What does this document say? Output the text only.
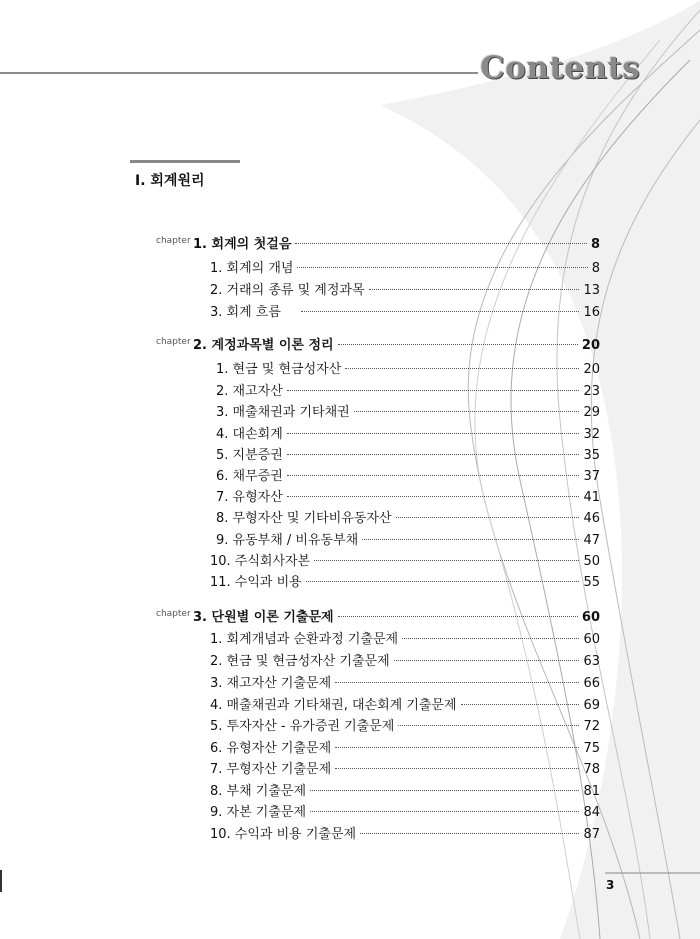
Contents
Ⅰ. 회계원리
chapter 1. 회계의 첫걸음	8
1. 회계의 개념	8
2. 거래의 종류 및 계정과목	13
3. 회계 흐름	16
chapter 2. 계정과목별 이론 정리	20
1. 현금 및 현금성자산	20
2. 재고자산	23
3. 매출채권과 기타채권	29
4. 대손회계	32
5. 지분증권	35
6. 채무증권	37
7. 유형자산	41
8. 무형자산 및 기타비유동자산	46
9. 유동부채 / 비유동부채	47
10. 주식회사자본	50
11. 수익과 비용	55
chapter 3. 단원별 이론 기출문제	60
1. 회계개념과 순환과정 기출문제	60
2. 현금 및 현금성자산 기출문제	63
3. 재고자산 기출문제	66
4. 매출채권과 기타채권, 대손회계 기출문제	69
5. 투자자산 - 유가증권 기출문제	72
6. 유형자산 기출문제	75
7. 무형자산 기출문제	78
8. 부채 기출문제	81
9. 자본 기출문제	84
10. 수익과 비용 기출문제	87
3
